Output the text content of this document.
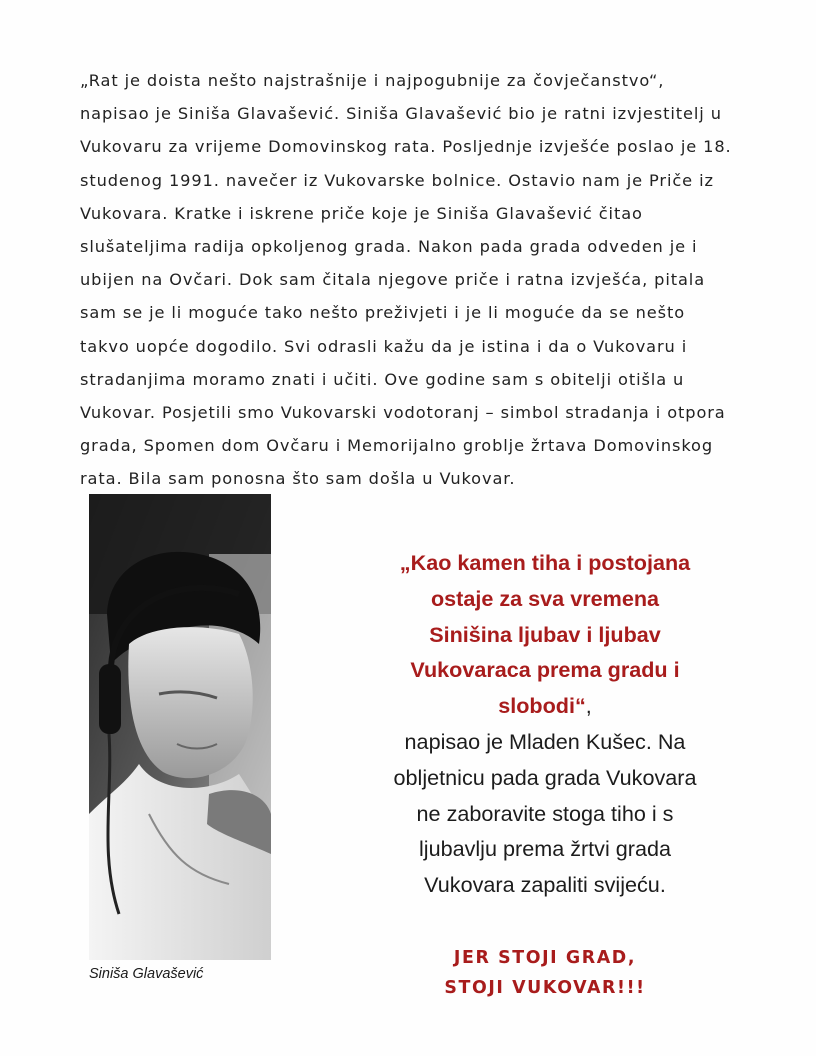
„Rat je doista nešto najstrašnije i najpogubnije za čovječanstvo“,
napisao je Siniša Glavašević. Siniša Glavašević bio je ratni izvjestitelj u
Vukovaru za vrijeme Domovinskog rata. Posljednje izvješće poslao je 18.
studenog 1991. navečer iz Vukovarske bolnice. Ostavio nam je Priče iz
Vukovara. Kratke i iskrene priče koje je Siniša Glavašević čitao
slušateljima radija opkoljenog grada. Nakon pada grada odveden je i
ubijen na Ovčari. Dok sam čitala njegove priče i ratna izvješća, pitala
sam se je li moguće tako nešto preživjeti i je li moguće da se nešto
takvo uopće dogodilo. Svi odrasli kažu da je istina i da o Vukovaru i
stradanjima moramo znati i učiti. Ove godine sam s obitelji otišla u
Vukovar. Posjetili smo Vukovarski vodotoranj – simbol stradanja i otpora
grada, Spomen dom Ovčaru i Memorijalno groblje žrtava Domovinskog
rata. Bila sam ponosna što sam došla u Vukovar.

Siniša Glavašević

„Kao kamen tiha i postojana
ostaje za sva vremena
Sinišina ljubav i ljubav
Vukovaraca prema gradu i
slobodi“,
napisao je Mladen Kušec. Na
obljetnicu pada grada Vukovara
ne zaboravite stoga tiho i s
ljubavlju prema žrtvi grada
Vukovara zapaliti svijeću.
JER STOJI GRAD,
STOJI VUKOVAR!!!
